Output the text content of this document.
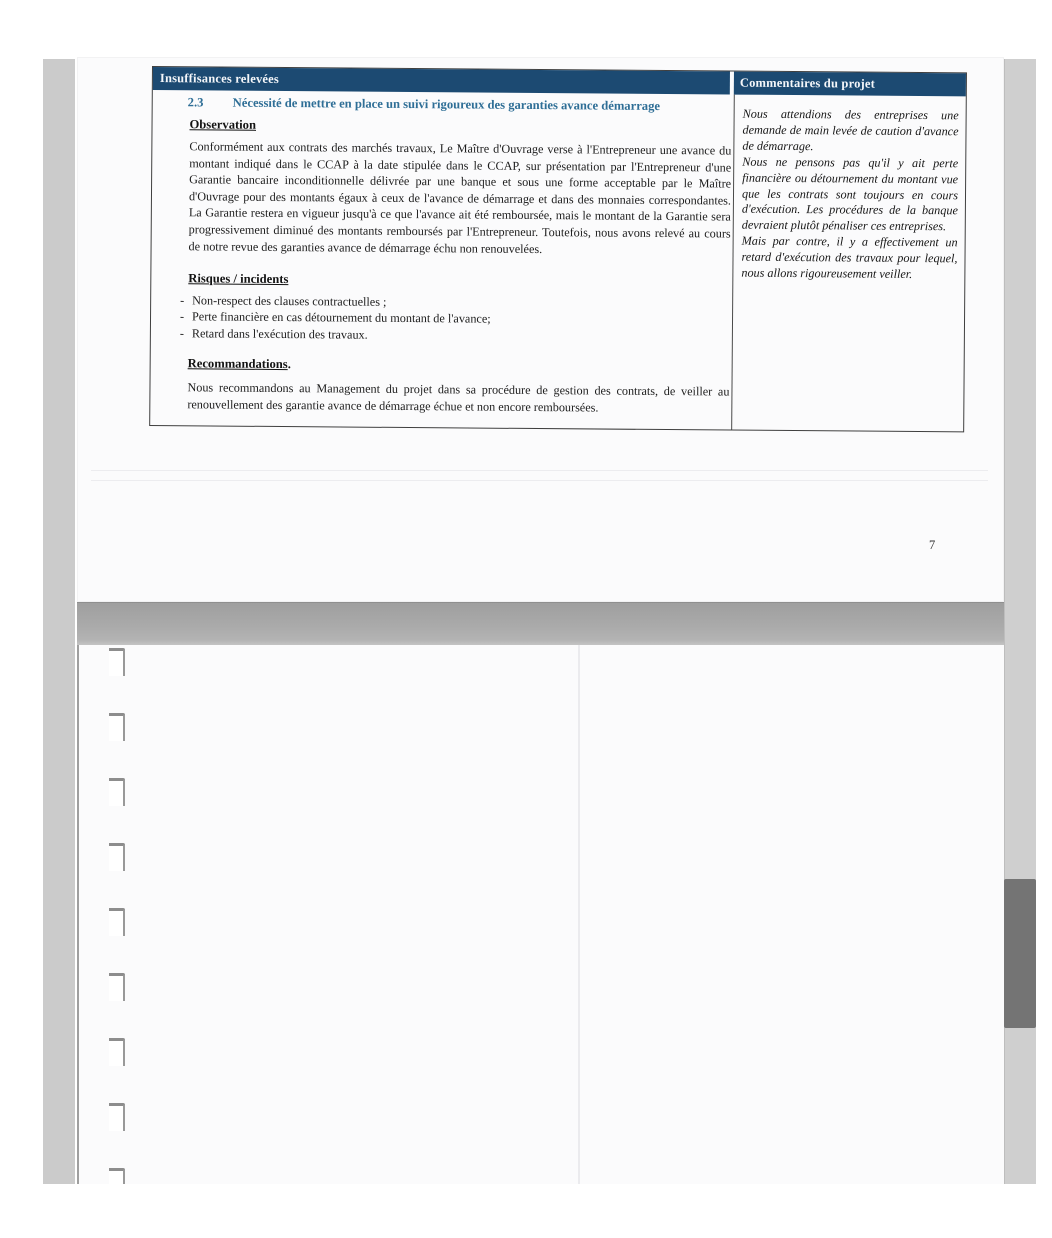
Insuffisances relevées	Commentaires du projet
2.3	Nécessité de mettre en place un suivi rigoureux des garanties avance démarrage
Observation

Conformément aux contrats des marchés travaux, Le Maître d'Ouvrage verse à l'Entrepreneur une avance du montant indiqué dans le CCAP à la date stipulée dans le CCAP, sur présentation par l'Entrepreneur d'une Garantie bancaire inconditionnelle délivrée par une banque et sous une forme acceptable par le Maître d'Ouvrage pour des montants égaux à ceux de l'avance de démarrage et dans des monnaies correspondantes. La Garantie restera en vigueur jusqu'à ce que l'avance ait été remboursée, mais le montant de la Garantie sera progressivement diminué des montants remboursés par l'Entrepreneur. Toutefois, nous avons relevé au cours de notre revue des garanties avance de démarrage échu non renouvelées.

Risques / incidents
- Non-respect des clauses contractuelles ;
- Perte financière en cas détournement du montant de l'avance;
- Retard dans l'exécution des travaux.
Recommandations.

Nous recommandons au Management du projet dans sa procédure de gestion des contrats, de veiller au renouvellement des garantie avance de démarrage échue et non encore remboursées.

Nous attendions des entreprises une demande de main levée de caution d'avance de démarrage.

Nous ne pensons pas qu'il y ait perte financière ou détournement du montant vue que les contrats sont toujours en cours d'exécution. Les procédures de la banque devraient plutôt pénaliser ces entreprises.

Mais par contre, il y a effectivement un retard d'exécution des travaux pour lequel, nous allons rigoureusement veiller.

7
